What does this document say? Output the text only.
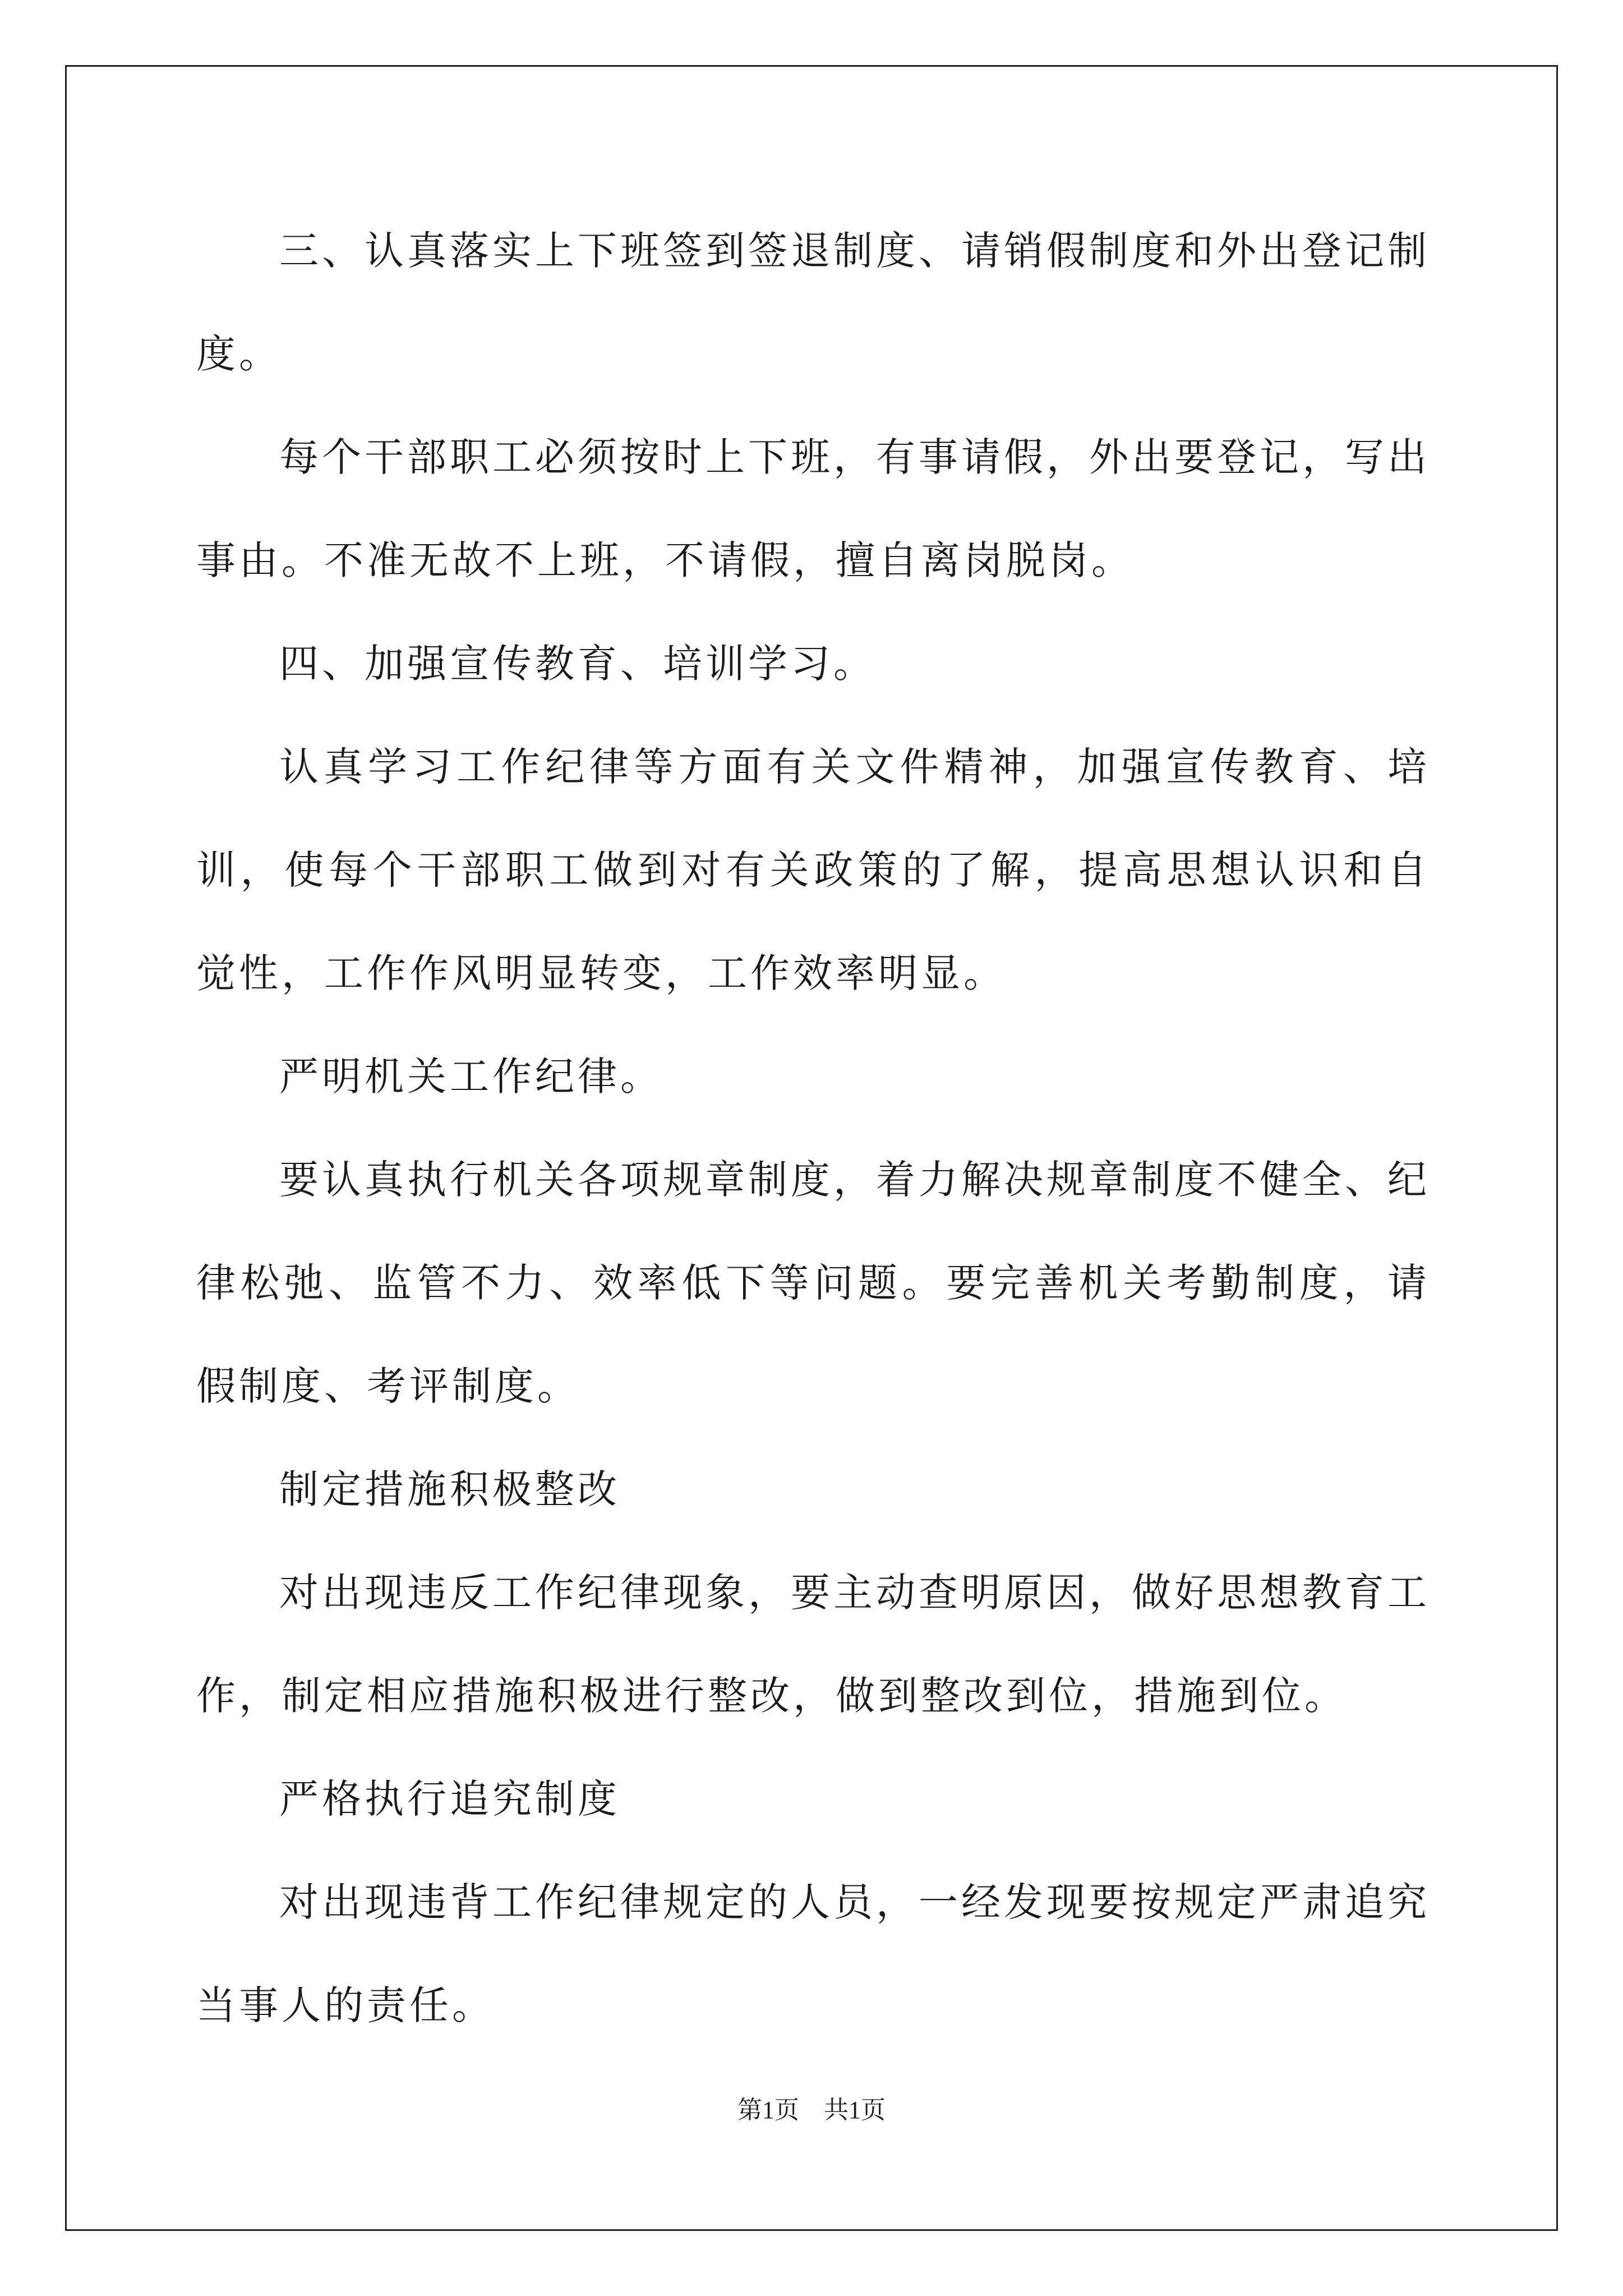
三、认真落实上下班签到签退制度、请销假制度和外出登记制度。

每个干部职工必须按时上下班，有事请假，外出要登记，写出事由。不准无故不上班，不请假，擅自离岗脱岗。

四、加强宣传教育、培训学习。

认真学习工作纪律等方面有关文件精神，加强宣传教育、培训，使每个干部职工做到对有关政策的了解，提高思想认识和自觉性，工作作风明显转变，工作效率明显。

严明机关工作纪律。

要认真执行机关各项规章制度，着力解决规章制度不健全、纪律松弛、监管不力、效率低下等问题。要完善机关考勤制度，请假制度、考评制度。

制定措施积极整改

对出现违反工作纪律现象，要主动查明原因，做好思想教育工作，制定相应措施积极进行整改，做到整改到位，措施到位。

严格执行追究制度

对出现违背工作纪律规定的人员，一经发现要按规定严肃追究当事人的责任。

第1页 共1页
